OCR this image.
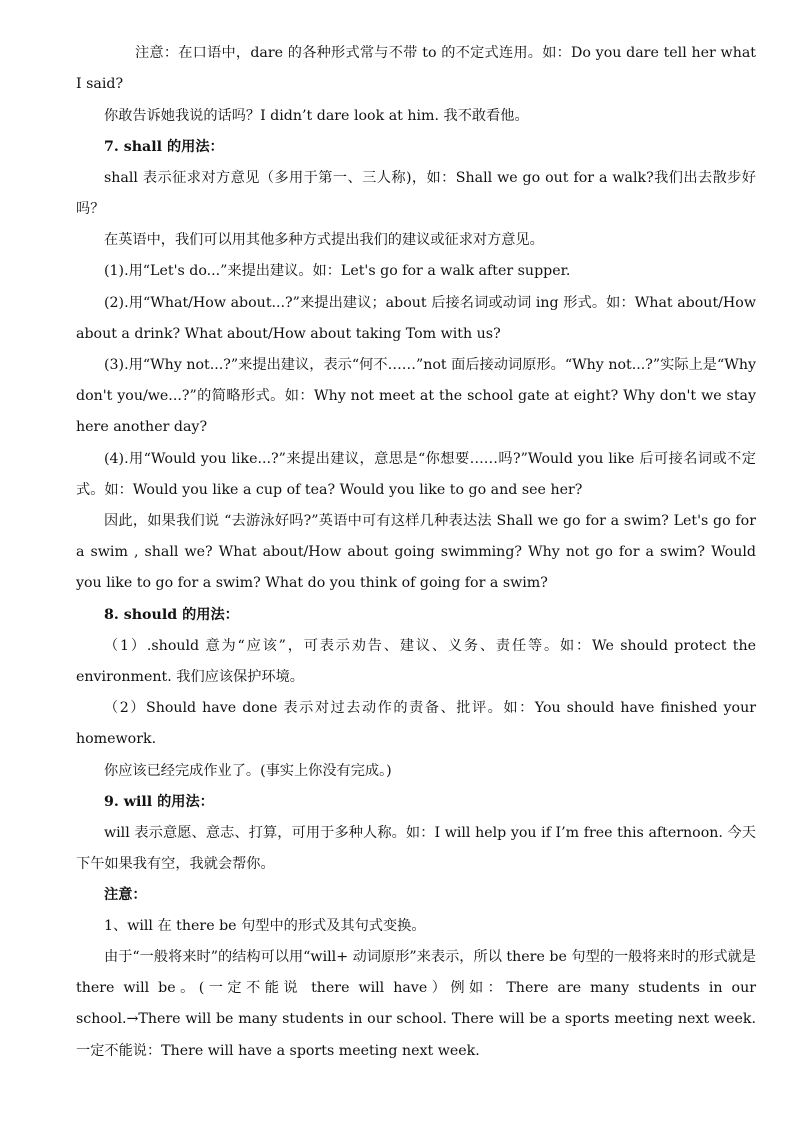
注意：在口语中，dare 的各种形式常与不带 to 的不定式连用。如：Do you dare tell her what I said?
你敢告诉她我说的话吗？I didn’t dare look at him. 我不敢看他。
7. shall 的用法：
shall 表示征求对方意见（多用于第一、三人称)，如：Shall we go out for a walk?我们出去散步好吗？
在英语中，我们可以用其他多种方式提出我们的建议或征求对方意见。
(1).用“Let's do...”来提出建议。如：Let's go for a walk after supper.
(2).用“What/How about...?”来提出建议；about 后接名词或动词 ing 形式。如：What about/How about a drink? What about/How about taking Tom with us?
(3).用“Why not...?”来提出建议，表示“何不……”not 面后接动词原形。“Why not...?”实际上是“Why don't you/we...?”的简略形式。如：Why not meet at the school gate at eight? Why don't we stay here another day?
(4).用“Would you like...?”来提出建议，意思是“你想要……吗?”Would you like 后可接名词或不定式。如：Would you like a cup of tea? Would you like to go and see her?
因此，如果我们说 “去游泳好吗?”英语中可有这样几种表达法 Shall we go for a swim? Let's go for a swim , shall we? What about/How about going swimming? Why not go for a swim? Would you like to go for a swim? What do you think of going for a swim?
8. should 的用法：
（1）.should 意为“应该”，可表示劝告、建议、义务、责任等。如：We should protect the environment. 我们应该保护环境。
（2）Should have done 表示对过去动作的责备、批评。如：You should have finished your homework.
你应该已经完成作业了。(事实上你没有完成。)
9. will 的用法：
will 表示意愿、意志、打算，可用于多种人称。如：I will help you if I’m free this afternoon. 今天下午如果我有空，我就会帮你。
注意：
1、will 在 there be 句型中的形式及其句式变换。
由于“一般将来时”的结构可以用“will+ 动词原形”来表示，所以 there be 句型的一般将来时的形式就是 there will be。(一定不能说 there will have）例如：There are many students in our school.→There will be many students in our school. There will be a sports meeting next week.一定不能说：There will have a sports meeting next week.
